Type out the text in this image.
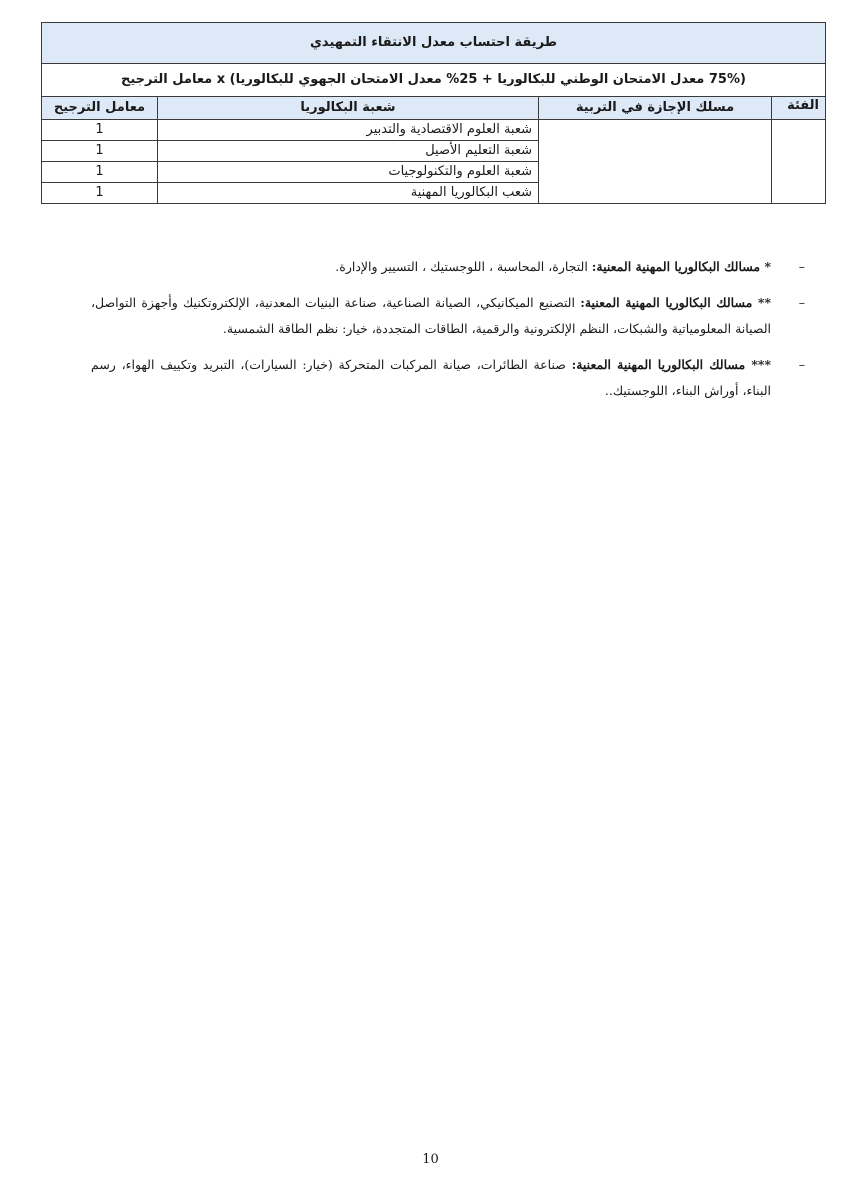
طريقة احتساب معدل الانتقاء التمهيدي			
(75% معدل الامتحان الوطني للبكالوريا + 25% معدل الامتحان الجهوي للبكالوريا) x معامل الترجيح			
الفئة	مسلك الإجازة في التربية	شعبة البكالوريا	معامل الترجيح
		شعبة العلوم الاقتصادية والتدبير	1
		شعبة التعليم الأصيل	1
		شعبة العلوم والتكنولوجيات	1
		شعب البكالوريا المهنية	1
–
* مسالك البكالوريا المهنية المعنية: التجارة، المحاسبة ، اللوجستيك ، التسيير والإدارة.
–
** مسالك البكالوريا المهنية المعنية: التصنيع الميكانيكي، الصيانة الصناعية، صناعة البنيات المعدنية، الإلكتروتكنيك وأجهزة التواصل، الصيانة المعلومياتية والشبكات، النظم الإلكترونية والرقمية، الطاقات المتجددة، خيار: نظم الطاقة الشمسية.
–
*** مسالك البكالوريا المهنية المعنية: صناعة الطائرات، صيانة المركبات المتحركة (خيار: السيارات)، التبريد وتكييف الهواء، رسم البناء، أوراش البناء، اللوجستيك..
10
